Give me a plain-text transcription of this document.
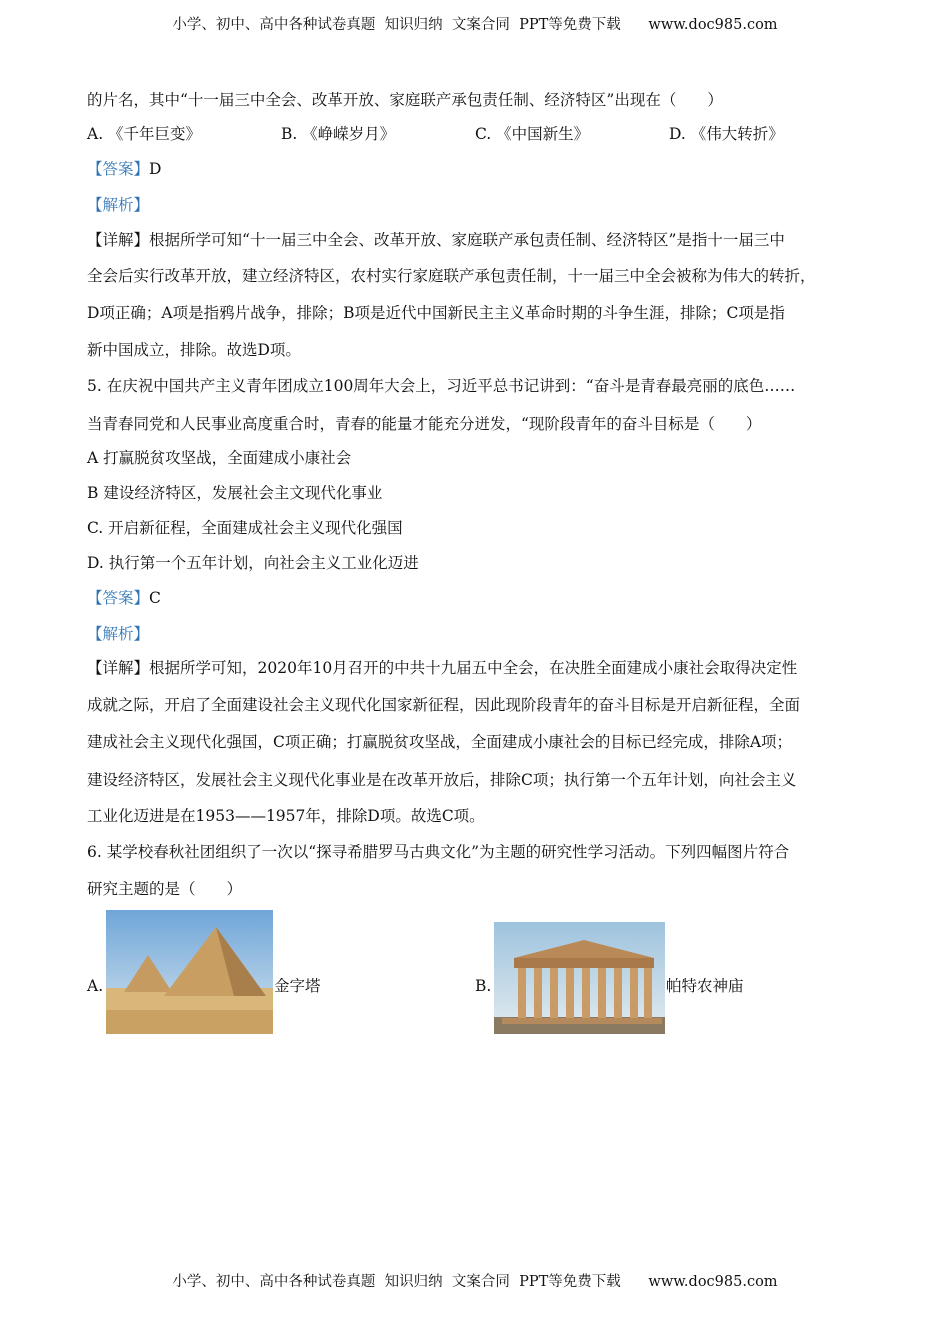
小学、初中、高中各种试卷真题  知识归纳  文案合同  PPT等免费下载      www.doc985.com
的片名，其中“十一届三中全会、改革开放、家庭联产承包责任制、经济特区”出现在（　　）
A. 《千年巨变》	B. 《峥嵘岁月》	C. 《中国新生》	D. 《伟大转折》
【答案】D
【解析】
【详解】根据所学可知“十一届三中全会、改革开放、家庭联产承包责任制、经济特区”是指十一届三中
全会后实行改革开放，建立经济特区，农村实行家庭联产承包责任制，十一届三中全会被称为伟大的转折，
D项正确；A项是指鸦片战争，排除；B项是近代中国新民主主义革命时期的斗争生涯，排除；C项是指
新中国成立，排除。故选D项。
5. 在庆祝中国共产主义青年团成立100周年大会上，习近平总书记讲到：“奋斗是青春最亮丽的底色……
当青春同党和人民事业高度重合时，青春的能量才能充分迸发，“现阶段青年的奋斗目标是（　　）
A 打赢脱贫攻坚战，全面建成小康社会
B 建设经济特区，发展社会主文现代化事业
C. 开启新征程，全面建成社会主义现代化强国
D. 执行第一个五年计划，向社会主义工业化迈进
【答案】C
【解析】
【详解】根据所学可知，2020年10月召开的中共十九届五中全会，在决胜全面建成小康社会取得决定性
成就之际，开启了全面建设社会主义现代化国家新征程，因此现阶段青年的奋斗目标是开启新征程，全面
建成社会主义现代化强国，C项正确；打赢脱贫攻坚战，全面建成小康社会的目标已经完成，排除A项；
建设经济特区，发展社会主义现代化事业是在改革开放后，排除C项；执行第一个五年计划，向社会主义
工业化迈进是在1953——1957年，排除D项。故选C项。
6. 某学校春秋社团组织了一次以“探寻希腊罗马古典文化”为主题的研究性学习活动。下列四幅图片符合
研究主题的是（　　）
A.	金字塔	B.	帕特农神庙
小学、初中、高中各种试卷真题  知识归纳  文案合同  PPT等免费下载      www.doc985.com
